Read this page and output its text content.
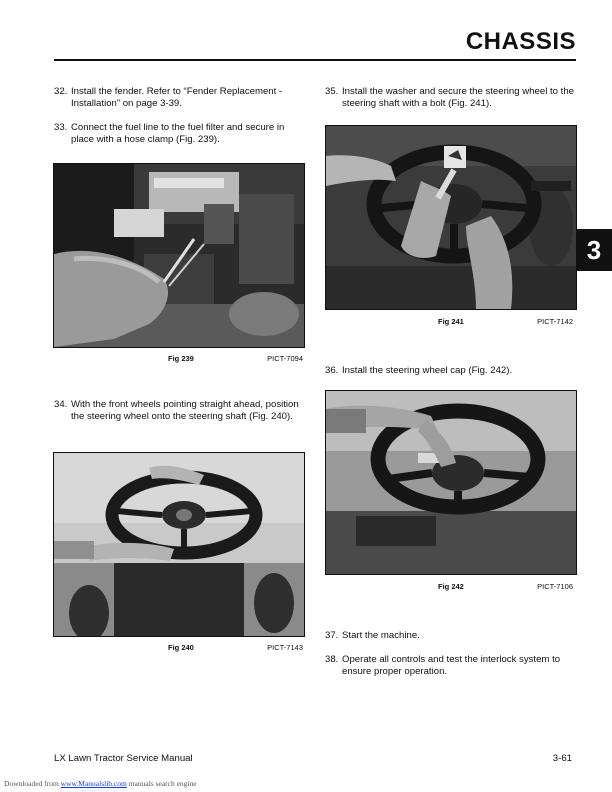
CHASSIS
3
32. Install the fender. Refer to “Fender Replacement - Installation” on page 3-39.
33. Connect the fuel line to the fuel filter and secure in place with a hose clamp (Fig. 239).
Fig 239	PICT-7094
34. With the front wheels pointing straight ahead, position the steering wheel onto the steering shaft (Fig. 240).
Fig 240	PICT-7143
35. Install the washer and secure the steering wheel to the steering shaft with a bolt (Fig. 241).
Fig 241	PICT-7142
36. Install the steering wheel cap (Fig. 242).
Fig 242	PICT-7106
37. Start the machine.
38. Operate all controls and test the interlock system to ensure proper operation.
LX Lawn Tractor Service Manual	3-61
Downloaded from www.Manualslib.com manuals search engine
